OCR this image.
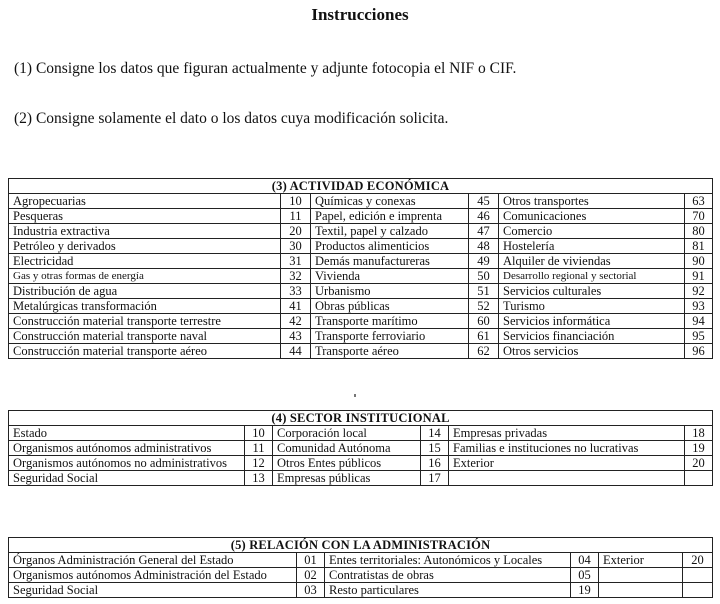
Instrucciones
(1) Consigne los datos que figuran actualmente y adjunte fotocopia el NIF o CIF.
(2) Consigne solamente el dato o los datos cuya modificación solicita.
(3) ACTIVIDAD ECONÓMICA					
Agropecuarias	10	Químicas y conexas	45	Otros transportes	63
Pesqueras	11	Papel, edición e imprenta	46	Comunicaciones	70
Industria extractiva	20	Textil, papel y calzado	47	Comercio	80
Petróleo y derivados	30	Productos alimenticios	48	Hostelería	81
Electricidad	31	Demás manufactureras	49	Alquiler de viviendas	90
Gas y otras formas de energía	32	Vivienda	50	Desarrollo regional y sectorial	91
Distribución de agua	33	Urbanismo	51	Servicios culturales	92
Metalúrgicas transformación	41	Obras públicas	52	Turismo	93
Construcción material transporte terrestre	42	Transporte marítimo	60	Servicios informática	94
Construcción material transporte naval	43	Transporte ferroviario	61	Servicios financiación	95
Construcción material transporte aéreo	44	Transporte aéreo	62	Otros servicios	96
(4) SECTOR INSTITUCIONAL					
Estado	10	Corporación local	14	Empresas privadas	18
Organismos autónomos administrativos	11	Comunidad Autónoma	15	Familias e instituciones no lucrativas	19
Organismos autónomos no administrativos	12	Otros Entes públicos	16	Exterior	20
Seguridad Social	13	Empresas públicas	17		
(5) RELACIÓN CON LA ADMINISTRACIÓN					
Órganos Administración General del Estado	01	Entes territoriales: Autonómicos y Locales	04	Exterior	20
Organismos autónomos Administración del Estado	02	Contratistas de obras	05		
Seguridad Social	03	Resto particulares	19		
